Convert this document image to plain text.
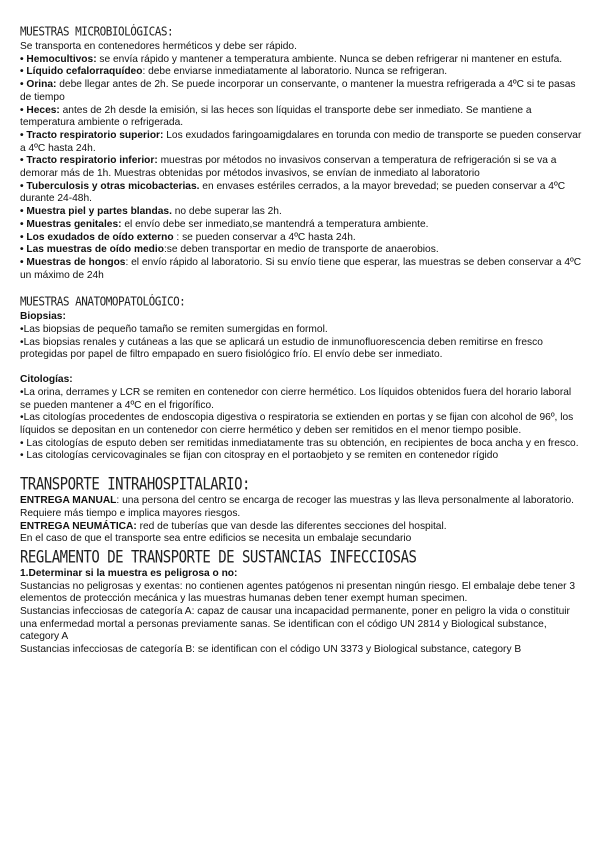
MUESTRAS MICROBIOLÓGICAS:

Se transporta en contenedores herméticos y debe ser rápido.

• Hemocultivos: se envía rápido y mantener a temperatura ambiente. Nunca se deben refrigerar ni mantener en estufa.

• Líquido cefalorraquídeo: debe enviarse inmediatamente al laboratorio. Nunca se refrigeran.

• Orina: debe llegar antes de 2h. Se puede incorporar un conservante, o mantener la muestra refrigerada a 4ºC si te pasas de tiempo

• Heces: antes de 2h desde la emisión, si las heces son líquidas el transporte debe ser inmediato. Se mantiene a temperatura ambiente o refrigerada.

• Tracto respiratorio superior: Los exudados faringoamigdalares en torunda con medio de transporte se pueden conservar a 4ºC hasta 24h.

• Tracto respiratorio inferior: muestras por métodos no invasivos conservan a temperatura de refrigeración si se va a demorar más de 1h. Muestras obtenidas por métodos invasivos, se envían de inmediato al laboratorio

• Tuberculosis y otras micobacterias. en envases estériles cerrados, a la mayor brevedad; se pueden conservar a 4ºC durante 24-48h.

• Muestra piel y partes blandas. no debe superar las 2h.

• Muestras genitales: el envío debe ser inmediato,se mantendrá a temperatura ambiente.

• Los exudados de oído externo : se pueden conservar a 4ºC hasta 24h.

• Las muestras de oído medio:se deben transportar en medio de transporte de anaerobios.

• Muestras de hongos: el envío rápido al laboratorio. Si su envío tiene que esperar, las muestras se deben conservar a 4ºC un máximo de 24h

MUESTRAS ANATOMOPATOLÓGICO:

Biopsias:

•Las biopsias de pequeño tamaño se remiten sumergidas en formol.

•Las biopsias renales y cutáneas a las que se aplicará un estudio de inmunofluorescencia deben remitirse en fresco protegidas por papel de filtro empapado en suero fisiológico frío. El envío debe ser inmediato.

Citologías:

•La orina, derrames y LCR se remiten en contenedor con cierre hermético. Los líquidos obtenidos fuera del horario laboral se pueden mantener a 4ºC en el frigorífico.

•Las citologías procedentes de endoscopia digestiva o respiratoria se extienden en portas y se fijan con alcohol de 96º, los líquidos se depositan en un contenedor con cierre hermético y deben ser remitidos en el menor tiempo posible.

• Las citologías de esputo deben ser remitidas inmediatamente tras su obtención, en recipientes de boca ancha y en fresco.

• Las citologías cervicovaginales se fijan con citospray en el portaobjeto y se remiten en contenedor rígido

TRANSPORTE INTRAHOSPITALARIO:

ENTREGA MANUAL: una persona del centro se encarga de recoger las muestras y las lleva personalmente al laboratorio. Requiere más tiempo e implica mayores riesgos.

ENTREGA NEUMÁTICA: red de tuberías que van desde las diferentes secciones del hospital.

En el caso de que el transporte sea entre edificios se necesita un embalaje secundario

REGLAMENTO DE TRANSPORTE DE SUSTANCIAS INFECCIOSAS

1.Determinar si la muestra es peligrosa o no:

Sustancias no peligrosas y exentas: no contienen agentes patógenos ni presentan ningún riesgo. El embalaje debe tener 3 elementos de protección mecánica y las muestras humanas deben tener exempt human specimen.

Sustancias infecciosas de categoría A: capaz de causar una incapacidad permanente, poner en peligro la vida o constituir una enfermedad mortal a personas previamente sanas. Se identifican con el código UN 2814 y Biological substance, category A

Sustancias infecciosas de categoría B: se identifican con el código UN 3373 y Biological substance, category B
